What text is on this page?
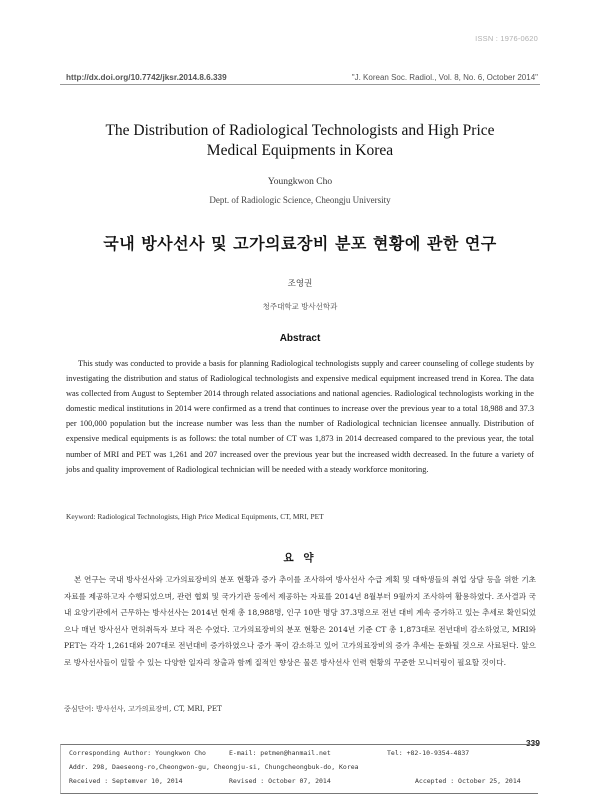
ISSN : 1976-0620
http://dx.doi.org/10.7742/jksr.2014.8.6.339	"J. Korean Soc. Radiol., Vol. 8, No. 6, October 2014"
The Distribution of Radiological Technologists and High Price
Medical Equipments in Korea
Youngkwon Cho
Dept. of Radiologic Science, Cheongju University
국내 방사선사 및 고가의료장비 분포 현황에 관한 연구
조영권
청주대학교 방사선학과
Abstract
This study was conducted to provide a basis for planning Radiological technologists supply and career counseling of college students by investigating the distribution and status of Radiological technologists and expensive medical equipment increased trend in Korea. The data was collected from August to September 2014 through related associations and national agencies. Radiological technologists working in the domestic medical institutions in 2014 were confirmed as a trend that continues to increase over the previous year to a total 18,988 and 37.3 per 100,000 population but the increase number was less than the number of Radiological technician licensee annually. Distribution of expensive medical equipments is as follows: the total number of CT was 1,873 in 2014 decreased compared to the previous year, the total number of MRI and PET was 1,261 and 207 increased over the previous year but the increased width decreased. In the future a variety of jobs and quality improvement of Radiological technician will be needed with a steady workforce monitoring.
Keyword: Radiological Technologists, High Price Medical Equipments, CT, MRI, PET
요 약
본 연구는 국내 방사선사와 고가의료장비의 분포 현황과 증가 추이를 조사하여 방사선사 수급 계획 및 대학생들의 취업 상담 등을 위한 기초자료를 제공하고자 수행되었으며, 관련 협회 및 국가기관 등에서 제공하는 자료를 2014년 8월부터 9월까지 조사하여 활용하였다. 조사결과 국내 요양기관에서 근무하는 방사선사는 2014년 현재 총 18,988명, 인구 10만 명당 37.3명으로 전년 대비 계속 증가하고 있는 추세로 확인되었으나 매년 방사선사 면허취득자 보다 적은 수였다. 고가의료장비의 분포 현황은 2014년 기준 CT 총 1,873대로 전년대비 감소하였고, MRI와 PET는 각각 1,261대와 207대로 전년대비 증가하였으나 증가 폭이 감소하고 있어 고가의료장비의 증가 추세는 둔화될 것으로 사료된다. 앞으로 방사선사들이 일할 수 있는 다양한 일자리 창출과 함께 질적인 향상은 물론 방사선사 인력 현황의 꾸준한 모니터링이 필요할 것이다.
중심단어: 방사선사, 고가의료장비, CT, MRI, PET
339
Corresponding Author: Youngkwon Cho	E-mail: petmen@hanmail.net	Tel: +82-10-9354-4837
Addr. 298, Daeseong-ro,Cheongwon-gu, Cheongju-si, Chungcheongbuk-do, Korea
Received : Septemver 10, 2014	Revised : October 07, 2014	Accepted : October 25, 2014
